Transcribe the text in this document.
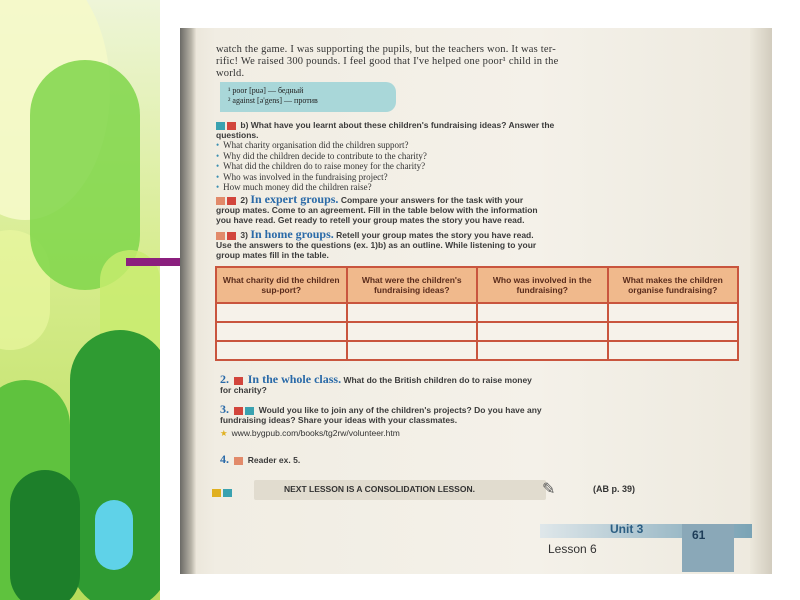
watch the game. I was supporting the pupils, but the teachers won. It was ter-
rific! We raised 300 pounds. I feel good that I've helped one poor¹ child in the
world.
¹ poor [puə] — бедный
² against [ə'gens] — против
b) What have you learnt about these children's fundraising ideas? Answer the
questions.
• What charity organisation did the children support?
• Why did the children decide to contribute to the charity?
• What did the children do to raise money for the charity?
• Who was involved in the fundraising project?
• How much money did the children raise?
2) In expert groups. Compare your answers for the task with your
group mates. Come to an agreement. Fill in the table below with the information
you have read. Get ready to retell your group mates the story you have read.
3) In home groups. Retell your group mates the story you have read.
Use the answers to the questions (ex. 1)b) as an outline. While listening to your
group mates fill in the table.
What charity did the children sup-port?	What were the children's fundraising ideas?	Who was involved in the fundraising?	What makes the children organise fundraising?

2. In the whole class. What do the British children do to raise money
for charity?
3.	Would you like to join any of the children's projects? Do you have any
fundraising ideas? Share your ideas with your classmates.
★ www.bygpub.com/books/tg2rw/volunteer.htm
4. Reader ex. 5.
NEXT LESSON IS A CONSOLIDATION LESSON.	✎	(AB p. 39)
Unit 3
Lesson 6
61
